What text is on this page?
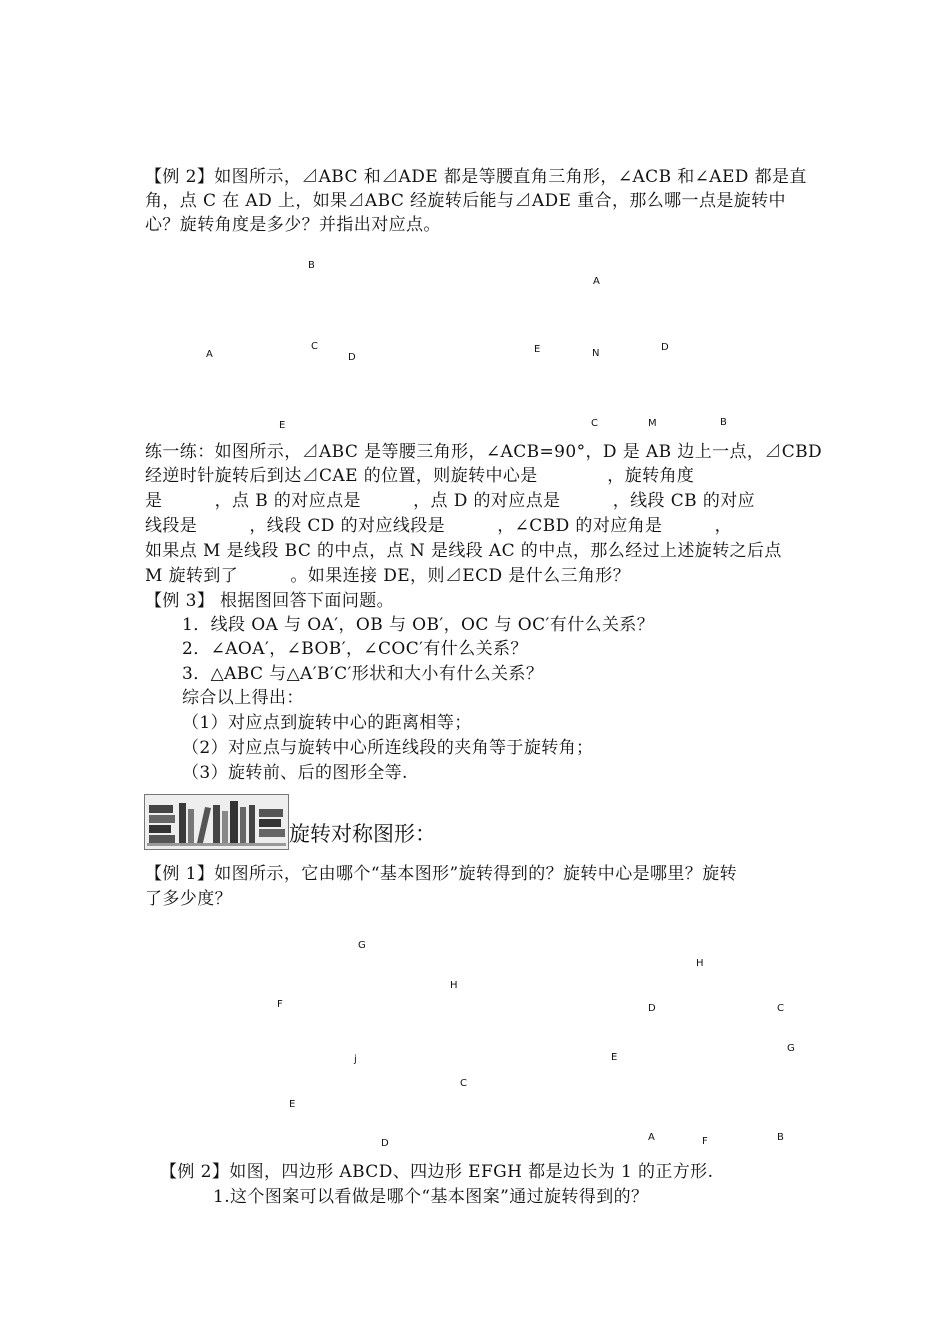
【例 2】如图所示，⊿ABC 和⊿ADE 都是等腰直角三角形，∠ACB 和∠AED 都是直
角，点 C 在 AD 上，如果⊿ABC 经旋转后能与⊿ADE 重合，那么哪一点是旋转中
心？旋转角度是多少？并指出对应点。
B
A
C
A	D
E	N
D
E	C	M	B
练一练：如图所示，⊿ABC 是等腰三角形，∠ACB=90°，D 是 AB 边上一点，⊿CBD
经逆时针旋转后到达⊿CAE 的位置，则旋转中心是　　　　，旋转角度
是　　　，点 B 的对应点是　　　，点 D 的对应点是　　　，线段 CB 的对应
线段是　　　，线段 CD 的对应线段是　　　，∠CBD 的对应角是　　　，
如果点 M 是线段 BC 的中点，点 N 是线段 AC 的中点，那么经过上述旋转之后点
M 旋转到了　　　。如果连接 DE，则⊿ECD 是什么三角形？
【例 3】 根据图回答下面问题。
1．线段 OA 与 OA′，OB 与 OB′，OC 与 OC′有什么关系？
2．∠AOA′，∠BOB′，∠COC′有什么关系？
3．△ABC 与△A′B′C′形状和大小有什么关系？
综合以上得出：
（1）对应点到旋转中心的距离相等；
（2）对应点与旋转中心所连线段的夹角等于旋转角；
（3）旋转前、后的图形全等.
旋转对称图形：
【例 1】如图所示，它由哪个“基本图形”旋转得到的？旋转中心是哪里？旋转
了多少度？
G
H
H
F	D	C
G
j	E
C
E
A	B
F
D
【例 2】如图，四边形 ABCD、四边形 EFGH 都是边长为 1 的正方形.
1.这个图案可以看做是哪个“基本图案”通过旋转得到的？
